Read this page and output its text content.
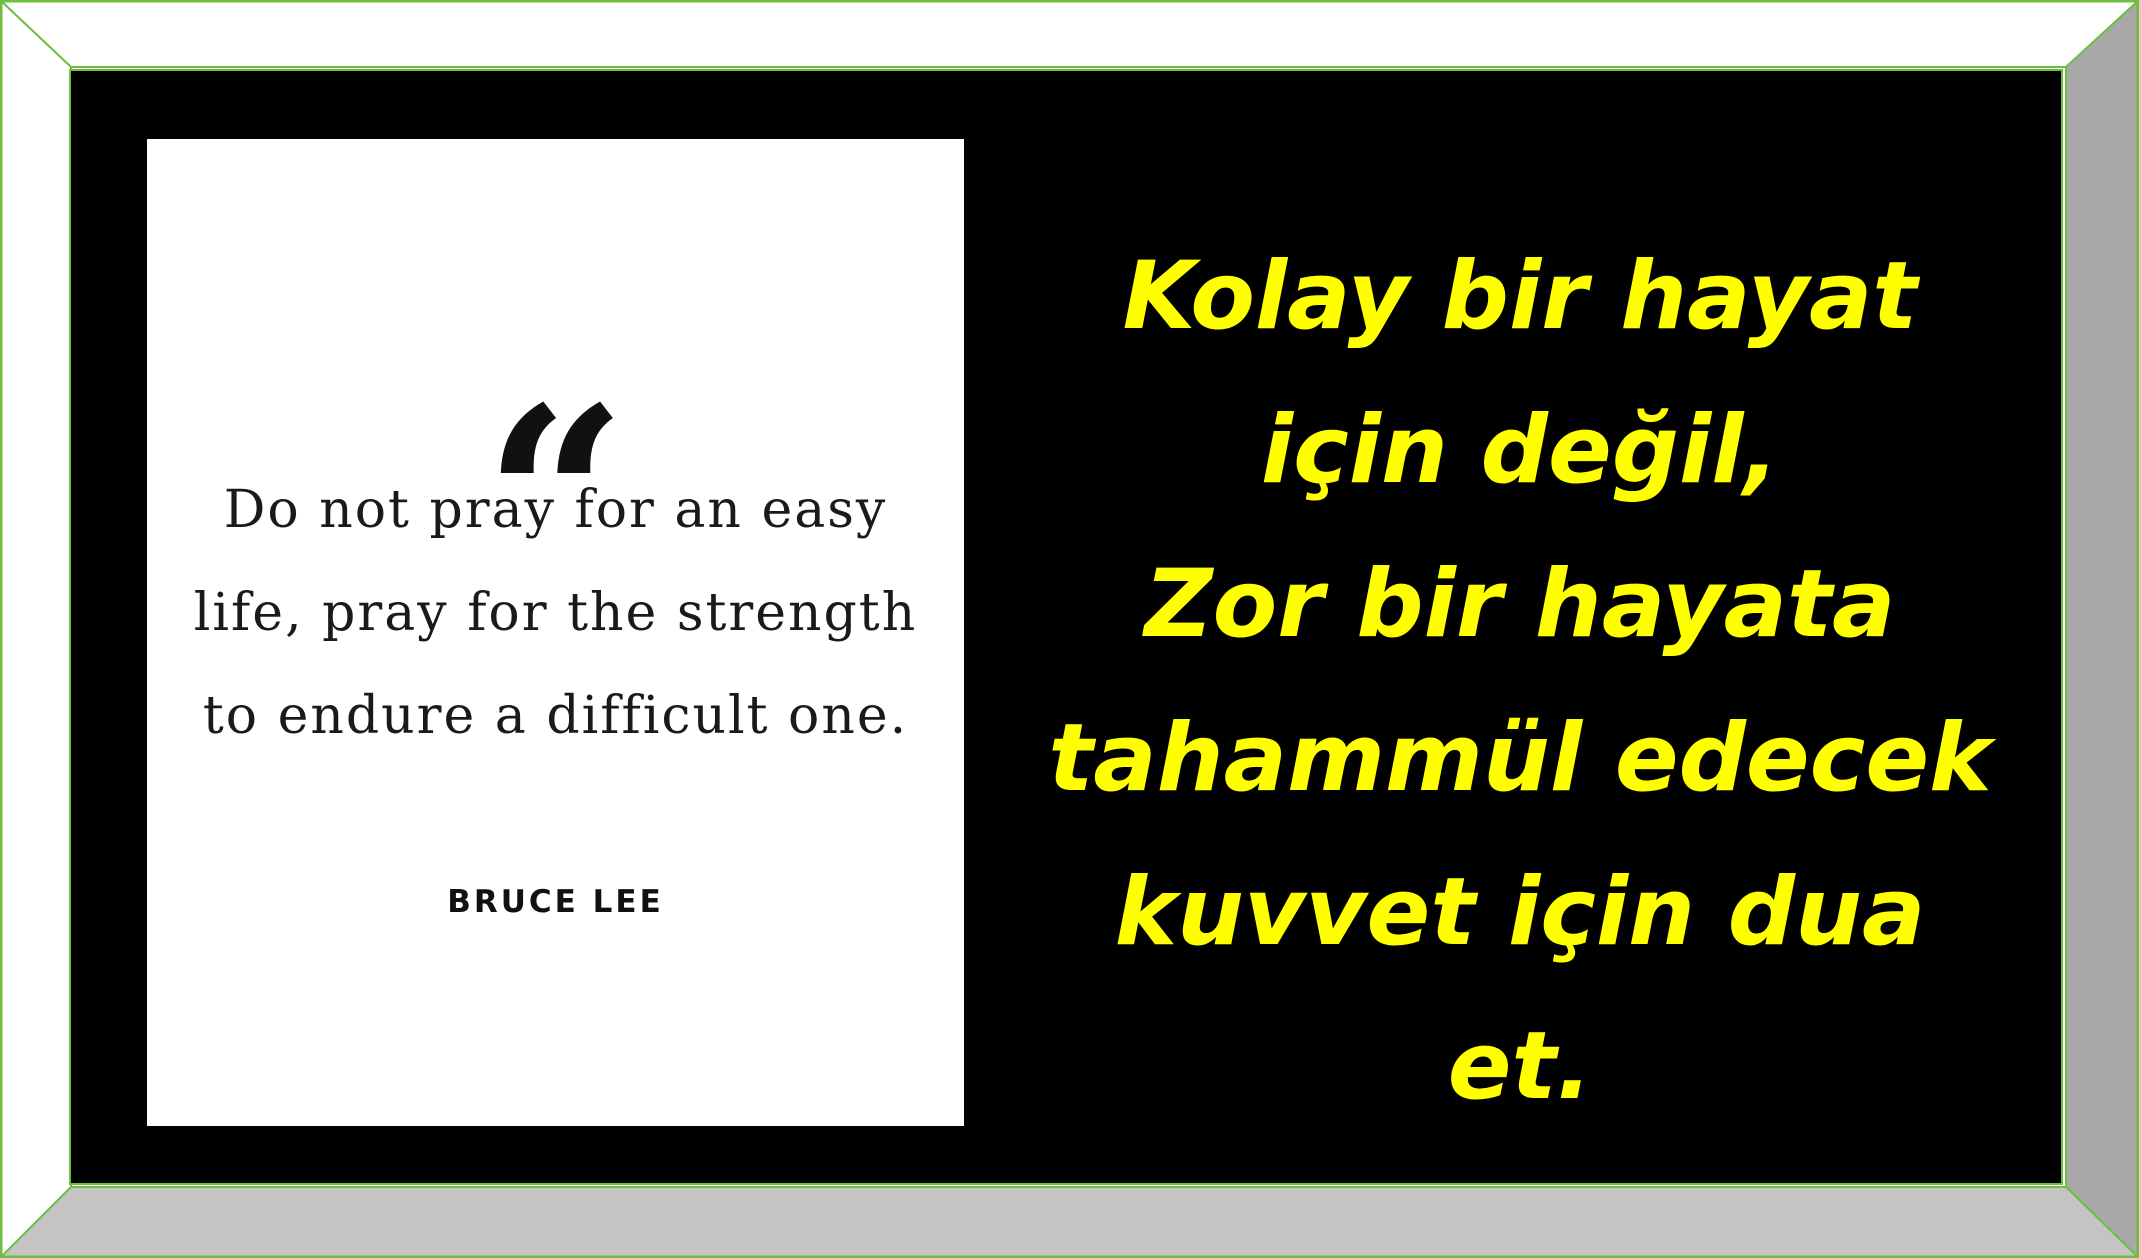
“
Do not pray for an easy life, pray for the strength to endure a difficult one.
BRUCE LEE
Kolay bir hayat
için değil,
Zor bir hayata
tahammül edecek
kuvvet için dua
et.
